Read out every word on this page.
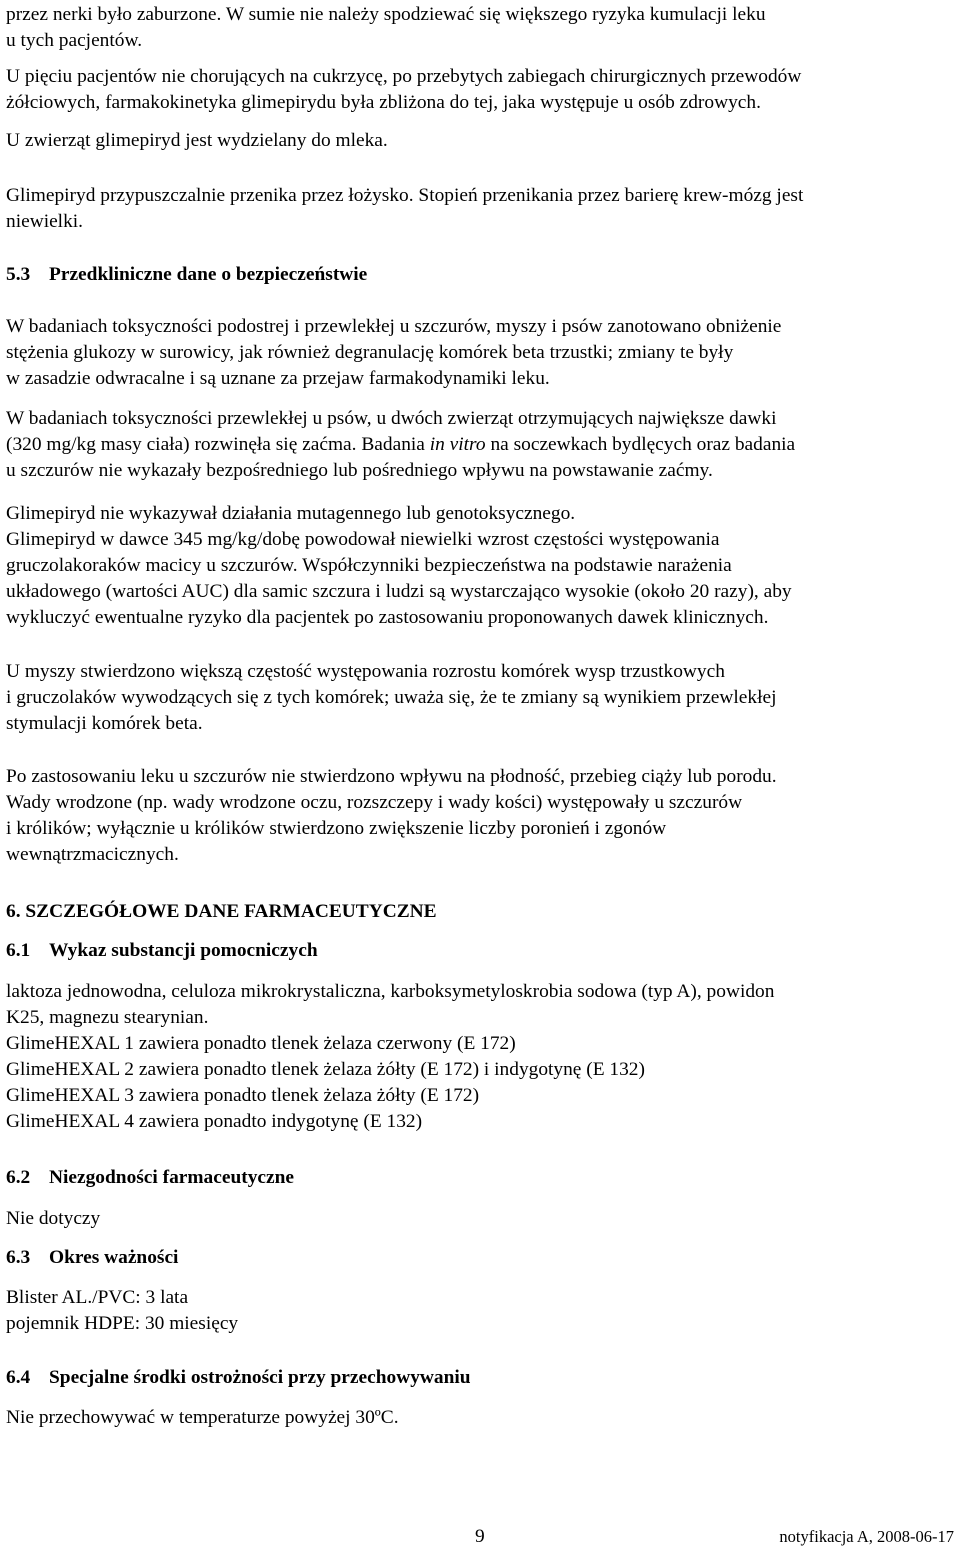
przez nerki było zaburzone. W sumie nie należy spodziewać się większego ryzyka kumulacji leku

u tych pacjentów.

U pięciu pacjentów nie chorujących na cukrzycę, po przebytych zabiegach chirurgicznych przewodów

żółciowych, farmakokinetyka glimepirydu była zbliżona do tej, jaka występuje u osób zdrowych.

U zwierząt glimepiryd jest wydzielany do mleka.

Glimepiryd przypuszczalnie przenika przez łożysko. Stopień przenikania przez barierę krew-mózg jest

niewielki.

5.3 Przedkliniczne dane o bezpieczeństwie

W badaniach toksyczności podostrej i przewlekłej u szczurów, myszy i psów zanotowano obniżenie

stężenia glukozy w surowicy, jak również degranulację komórek beta trzustki; zmiany te były

w zasadzie odwracalne i są uznane za przejaw farmakodynamiki leku.

W badaniach toksyczności przewlekłej u psów, u dwóch zwierząt otrzymujących największe dawki

(320 mg/kg masy ciała) rozwinęła się zaćma. Badania in vitro na soczewkach bydlęcych oraz badania

u szczurów nie wykazały bezpośredniego lub pośredniego wpływu na powstawanie zaćmy.

Glimepiryd nie wykazywał działania mutagennego lub genotoksycznego.

Glimepiryd w dawce 345 mg/kg/dobę powodował niewielki wzrost częstości występowania

gruczolakoraków macicy u szczurów. Współczynniki bezpieczeństwa na podstawie narażenia

układowego (wartości AUC) dla samic szczura i ludzi są wystarczająco wysokie (około 20 razy), aby

wykluczyć ewentualne ryzyko dla pacjentek po zastosowaniu proponowanych dawek klinicznych.

U myszy stwierdzono większą częstość występowania rozrostu komórek wysp trzustkowych

i gruczolaków wywodzących się z tych komórek; uważa się, że te zmiany są wynikiem przewlekłej

stymulacji komórek beta.

Po zastosowaniu leku u szczurów nie stwierdzono wpływu na płodność, przebieg ciąży lub porodu.

Wady wrodzone (np. wady wrodzone oczu, rozszczepy i wady kości) występowały u szczurów

i królików; wyłącznie u królików stwierdzono zwiększenie liczby poronień i zgonów

wewnątrzmacicznych.

6. SZCZEGÓŁOWE DANE FARMACEUTYCZNE
6.1 Wykaz substancji pomocniczych

laktoza jednowodna, celuloza mikrokrystaliczna, karboksymetyloskrobia sodowa (typ A), powidon

K25, magnezu stearynian.

GlimeHEXAL 1 zawiera ponadto tlenek żelaza czerwony (E 172)

GlimeHEXAL 2 zawiera ponadto tlenek żelaza żółty (E 172) i indygotynę (E 132)

GlimeHEXAL 3 zawiera ponadto tlenek żelaza żółty (E 172)

GlimeHEXAL 4 zawiera ponadto indygotynę (E 132)

6.2 Niezgodności farmaceutyczne

Nie dotyczy

6.3 Okres ważności

Blister AL./PVC: 3 lata

pojemnik HDPE: 30 miesięcy

6.4 Specjalne środki ostrożności przy przechowywaniu

Nie przechowywać w temperaturze powyżej 30ºC.

9	notyfikacja A, 2008-06-17
